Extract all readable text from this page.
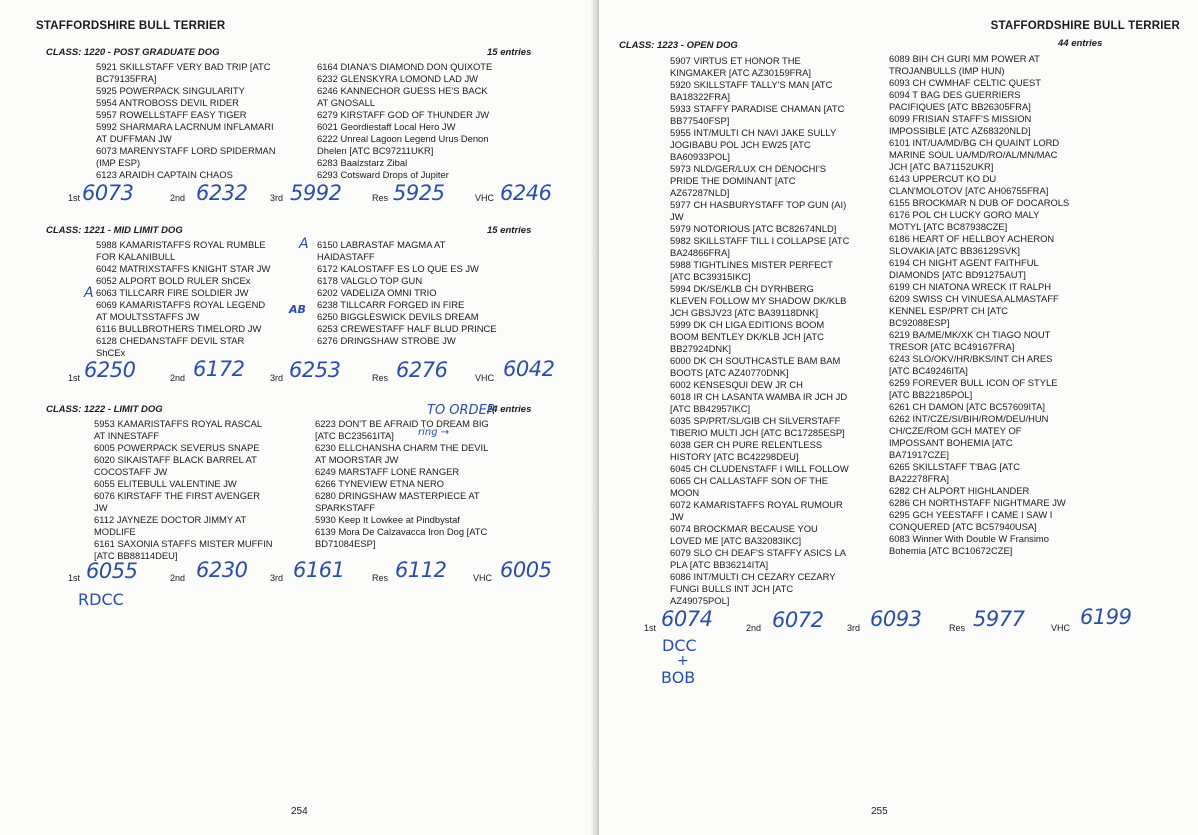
STAFFORDSHIRE BULL TERRIER
CLASS: 1220 - POST GRADUATE DOG	15 entries
5921 SKILLSTAFF VERY BAD TRIP [ATC
BC79135FRA]
5925 POWERPACK SINGULARITY
5954 ANTROBOSS DEVIL RIDER
5957 ROWELLSTAFF EASY TIGER
5992 SHARMARA LACRNUM INFLAMARI
AT DUFFMAN JW
6073 MARENYSTAFF LORD SPIDERMAN
(IMP ESP)
6123 ARAIDH CAPTAIN CHAOS
6164 DIANA'S DIAMOND DON QUIXOTE
6232 GLENSKYRA LOMOND LAD JW
6246 KANNECHOR GUESS HE'S BACK
AT GNOSALL
6279 KIRSTAFF GOD OF THUNDER JW
6021 Geordiestaff Local Hero JW
6222 Unreal Lagoon Legend Urus Denon
Dhelen [ATC BC97211UKR]
6283 Baalzstarz Zibal
6293 Cotsward Drops of Jupiter
1st 6073	2nd 6232	3rd 5992	Res 5925	VHC 6246
CLASS: 1221 - MID LIMIT DOG	15 entries
5988 KAMARISTAFFS ROYAL RUMBLE
FOR KALANIBULL
6042 MATRIXSTAFFS KNIGHT STAR JW
6052 ALPORT BOLD RULER ShCEx
6063 TILLCARR FIRE SOLDIER JW
6069 KAMARISTAFFS ROYAL LEGEND
AT MOULTSSTAFFS JW
6116 BULLBROTHERS TIMELORD JW
6128 CHEDANSTAFF DEVIL STAR
ShCEx
6150 LABRASTAF MAGMA AT
HAIDASTAFF
6172 KALOSTAFF ES LO QUE ES JW
6178 VALGLO TOP GUN
6202 VADELIZA OMNI TRIO
6238 TILLCARR FORGED IN FIRE
6250 BIGGLESWICK DEVILS DREAM
6253 CREWESTAFF HALF BLUD PRINCE
6276 DRINGSHAW STROBE JW
A
A
AB
1st 6250	2nd 6172	3rd 6253	Res 6276	VHC 6042
CLASS: 1222 - LIMIT DOG	24 entries
TO ORDER
ring →
5953 KAMARISTAFFS ROYAL RASCAL
AT INNESTAFF
6005 POWERPACK SEVERUS SNAPE
6020 SIKAISTAFF BLACK BARREL AT
COCOSTAFF JW
6055 ELITEBULL VALENTINE JW
6076 KIRSTAFF THE FIRST AVENGER
JW
6112 JAYNEZE DOCTOR JIMMY AT
MODLIFE
6161 SAXONIA STAFFS MISTER MUFFIN
[ATC BB88114DEU]
6223 DON'T BE AFRAID TO DREAM BIG
[ATC BC23561ITA]
6230 ELLCHANSHA CHARM THE DEVIL
AT MOORSTAR JW
6249 MARSTAFF LONE RANGER
6266 TYNEVIEW ETNA NERO
6280 DRINGSHAW MASTERPIECE AT
SPARKSTAFF
5930 Keep It Lowkee at Pindbystaf
6139 Mora De Calzavacca Iron Dog [ATC
BD71084ESP]
1st 6055	2nd 6230	3rd 6161	Res 6112	VHC 6005
RDCC
254
STAFFORDSHIRE BULL TERRIER
CLASS: 1223 - OPEN DOG	44 entries
5907 VIRTUS ET HONOR THE
KINGMAKER [ATC AZ30159FRA]
5920 SKILLSTAFF TALLY'S MAN [ATC
BA18322FRA]
5933 STAFFY PARADISE CHAMAN [ATC
BB77540FSP]
5955 INT/MULTI CH NAVI JAKE SULLY
JOGIBABU POL JCH EW25 [ATC
BA60933POL]
5973 NLD/GER/LUX CH DENOCHI'S
PRIDE THE DOMINANT [ATC
AZ67287NLD]
5977 CH HASBURYSTAFF TOP GUN (AI)
JW
5979 NOTORIOUS [ATC BC82674NLD]
5982 SKILLSTAFF TILL I COLLAPSE [ATC
BA24866FRA]
5988 TIGHTLINES MISTER PERFECT
[ATC BC39315IKC]
5994 DK/SE/KLB CH DYRHBERG
KLEVEN FOLLOW MY SHADOW DK/KLB
JCH GBSJV23 [ATC BA39118DNK]
5999 DK CH LIGA EDITIONS BOOM
BOOM BENTLEY DK/KLB JCH [ATC
BB27924DNK]
6000 DK CH SOUTHCASTLE BAM BAM
BOOTS [ATC AZ40770DNK]
6002 KENSESQUI DEW JR CH
6018 IR CH LASANTA WAMBA IR JCH JD
[ATC BB42957IKC]
6035 SP/PRT/SL/GIB CH SILVERSTAFF
TIBERIO MULTI JCH [ATC BC17285ESP]
6038 GER CH PURE RELENTLESS
HISTORY [ATC BC42298DEU]
6045 CH CLUDENSTAFF I WILL FOLLOW
6065 CH CALLASTAFF SON OF THE
MOON
6072 KAMARISTAFFS ROYAL RUMOUR
JW
6074 BROCKMAR BECAUSE YOU
LOVED ME [ATC BA32083IKC]
6079 SLO CH DEAF'S STAFFY ASICS LA
PLA [ATC BB36214ITA]
6086 INT/MULTI CH CEZARY CEZARY
FUNGI BULLS INT JCH [ATC
AZ49075POL]
6089 BIH CH GURI MM POWER AT
TROJANBULLS (IMP HUN)
6093 CH CWMHAF CELTIC QUEST
6094 T BAG DES GUERRIERS
PACIFIQUES [ATC BB26305FRA]
6099 FRISIAN STAFF'S MISSION
IMPOSSIBLE [ATC AZ68320NLD]
6101 INT/UA/MD/BG CH QUAINT LORD
MARINE SOUL UA/MD/RO/AL/MN/MAC
JCH [ATC BA71152UKR]
6143 UPPERCUT KO DU
CLAN'MOLOTOV [ATC AH06755FRA]
6155 BROCKMAR N DUB OF DOCAROLS
6176 POL CH LUCKY GORO MALY
MOTYL [ATC BC87938CZE]
6186 HEART OF HELLBOY ACHERON
SLOVAKIA [ATC BB36129SVK]
6194 CH NIGHT AGENT FAITHFUL
DIAMONDS [ATC BD91275AUT]
6199 CH NIATONA WRECK IT RALPH
6209 SWISS CH VINUESA ALMASTAFF
KENNEL ESP/PRT CH [ATC
BC92088ESP]
6219 BA/ME/MK/XK CH TIAGO NOUT
TRESOR [ATC BC49167FRA]
6243 SLO/OKV/HR/BKS/INT CH ARES
[ATC BC49246ITA]
6259 FOREVER BULL ICON OF STYLE
[ATC BB22185POL]
6261 CH DAMON [ATC BC57609ITA]
6262 INT/CZE/SI/BIH/ROM/DEU/HUN
CH/CZE/ROM GCH MATEY OF
IMPOSSANT BOHEMIA [ATC
BA71917CZE]
6265 SKILLSTAFF T'BAG [ATC
BA22278FRA]
6282 CH ALPORT HIGHLANDER
6286 CH NORTHSTAFF NIGHTMARE JW
6295 GCH YEESTAFF I CAME I SAW I
CONQUERED [ATC BC57940USA]
6083 Winner With Double W Fransimo
Bohemia [ATC BC10672CZE]
1st 6074	2nd 6072	3rd 6093	Res 5977	VHC 6199
DCC
+
BOB
255
